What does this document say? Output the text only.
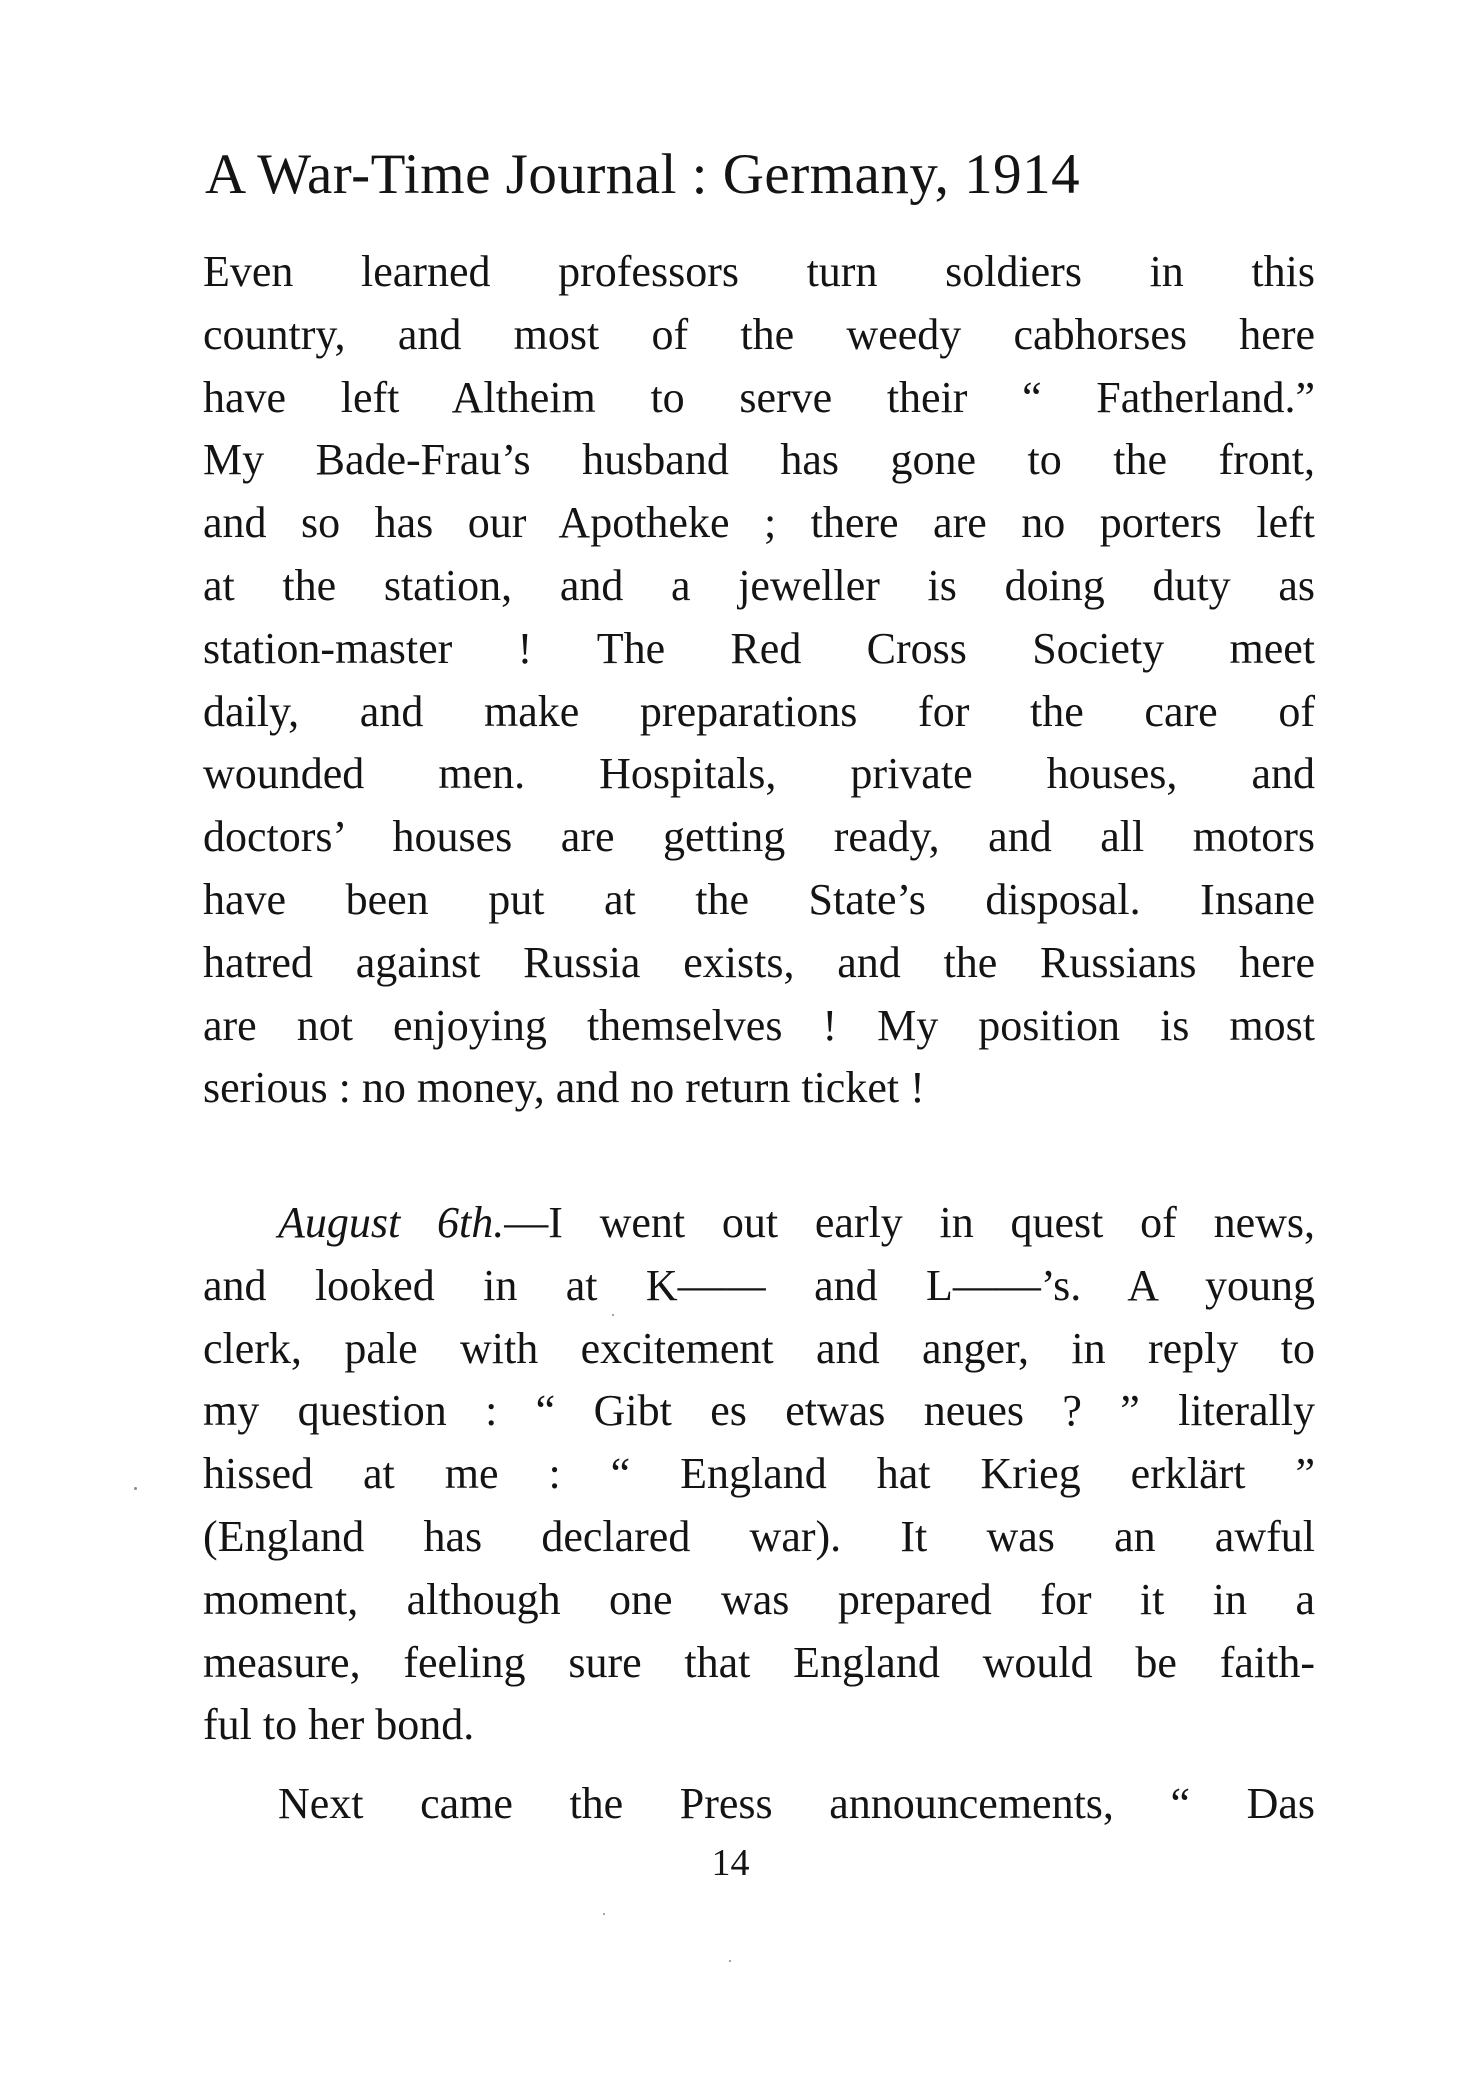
A War-Time Journal : Germany, 1914
Even learned professors turn soldiers in this
country, and most of the weedy cabhorses here
have left Altheim to serve their “ Fatherland.”
My Bade-Frau’s husband has gone to the front,
and so has our Apotheke ; there are no porters left
at the station, and a jeweller is doing duty as
station-master ! The Red Cross Society meet
daily, and make preparations for the care of
wounded men. Hospitals, private houses, and
doctors’ houses are getting ready, and all motors
have been put at the State’s disposal. Insane
hatred against Russia exists, and the Russians here
are not enjoying themselves ! My position is most
serious : no money, and no return ticket !
August 6th.—I went out early in quest of news,
and looked in at K—— and L——’s. A young
clerk, pale with excitement and anger, in reply to
my question : “ Gibt es etwas neues ? ” literally
hissed at me : “ England hat Krieg erklärt ”
(England has declared war). It was an awful
moment, although one was prepared for it in a
measure, feeling sure that England would be faith-
ful to her bond.
Next came the Press announcements, “ Das
14
